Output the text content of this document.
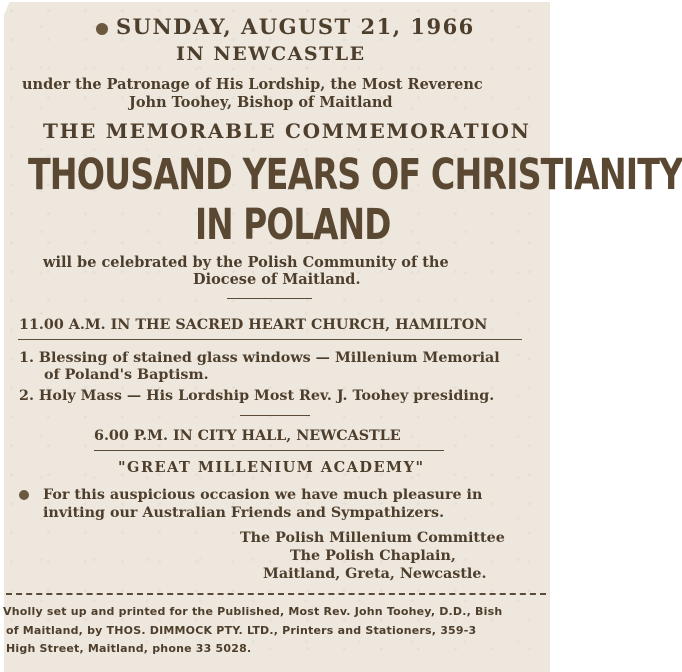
SUNDAY, AUGUST 21, 1966
IN NEWCASTLE
under the Patronage of His Lordship, the Most Reverenc
John Toohey, Bishop of Maitland
THE MEMORABLE COMMEMORATION
THOUSAND YEARS OF CHRISTIANITY
IN POLAND
will be celebrated by the Polish Community of the
Diocese of Maitland.
11.00 A.M. IN THE SACRED HEART CHURCH, HAMILTON
1. Blessing of stained glass windows — Millenium Memorial
of Poland's Baptism.
2. Holy Mass — His Lordship Most Rev. J. Toohey presiding.
6.00 P.M. IN CITY HALL, NEWCASTLE
"GREAT MILLENIUM ACADEMY"
For this auspicious occasion we have much pleasure in
inviting our Australian Friends and Sympathizers.
The Polish Millenium Committee
The Polish Chaplain,
Maitland, Greta, Newcastle.
Vholly set up and printed for the Published, Most Rev. John Toohey, D.D., Bish
of Maitland, by THOS. DIMMOCK PTY. LTD., Printers and Stationers, 359-3
High Street, Maitland, phone 33 5028.
